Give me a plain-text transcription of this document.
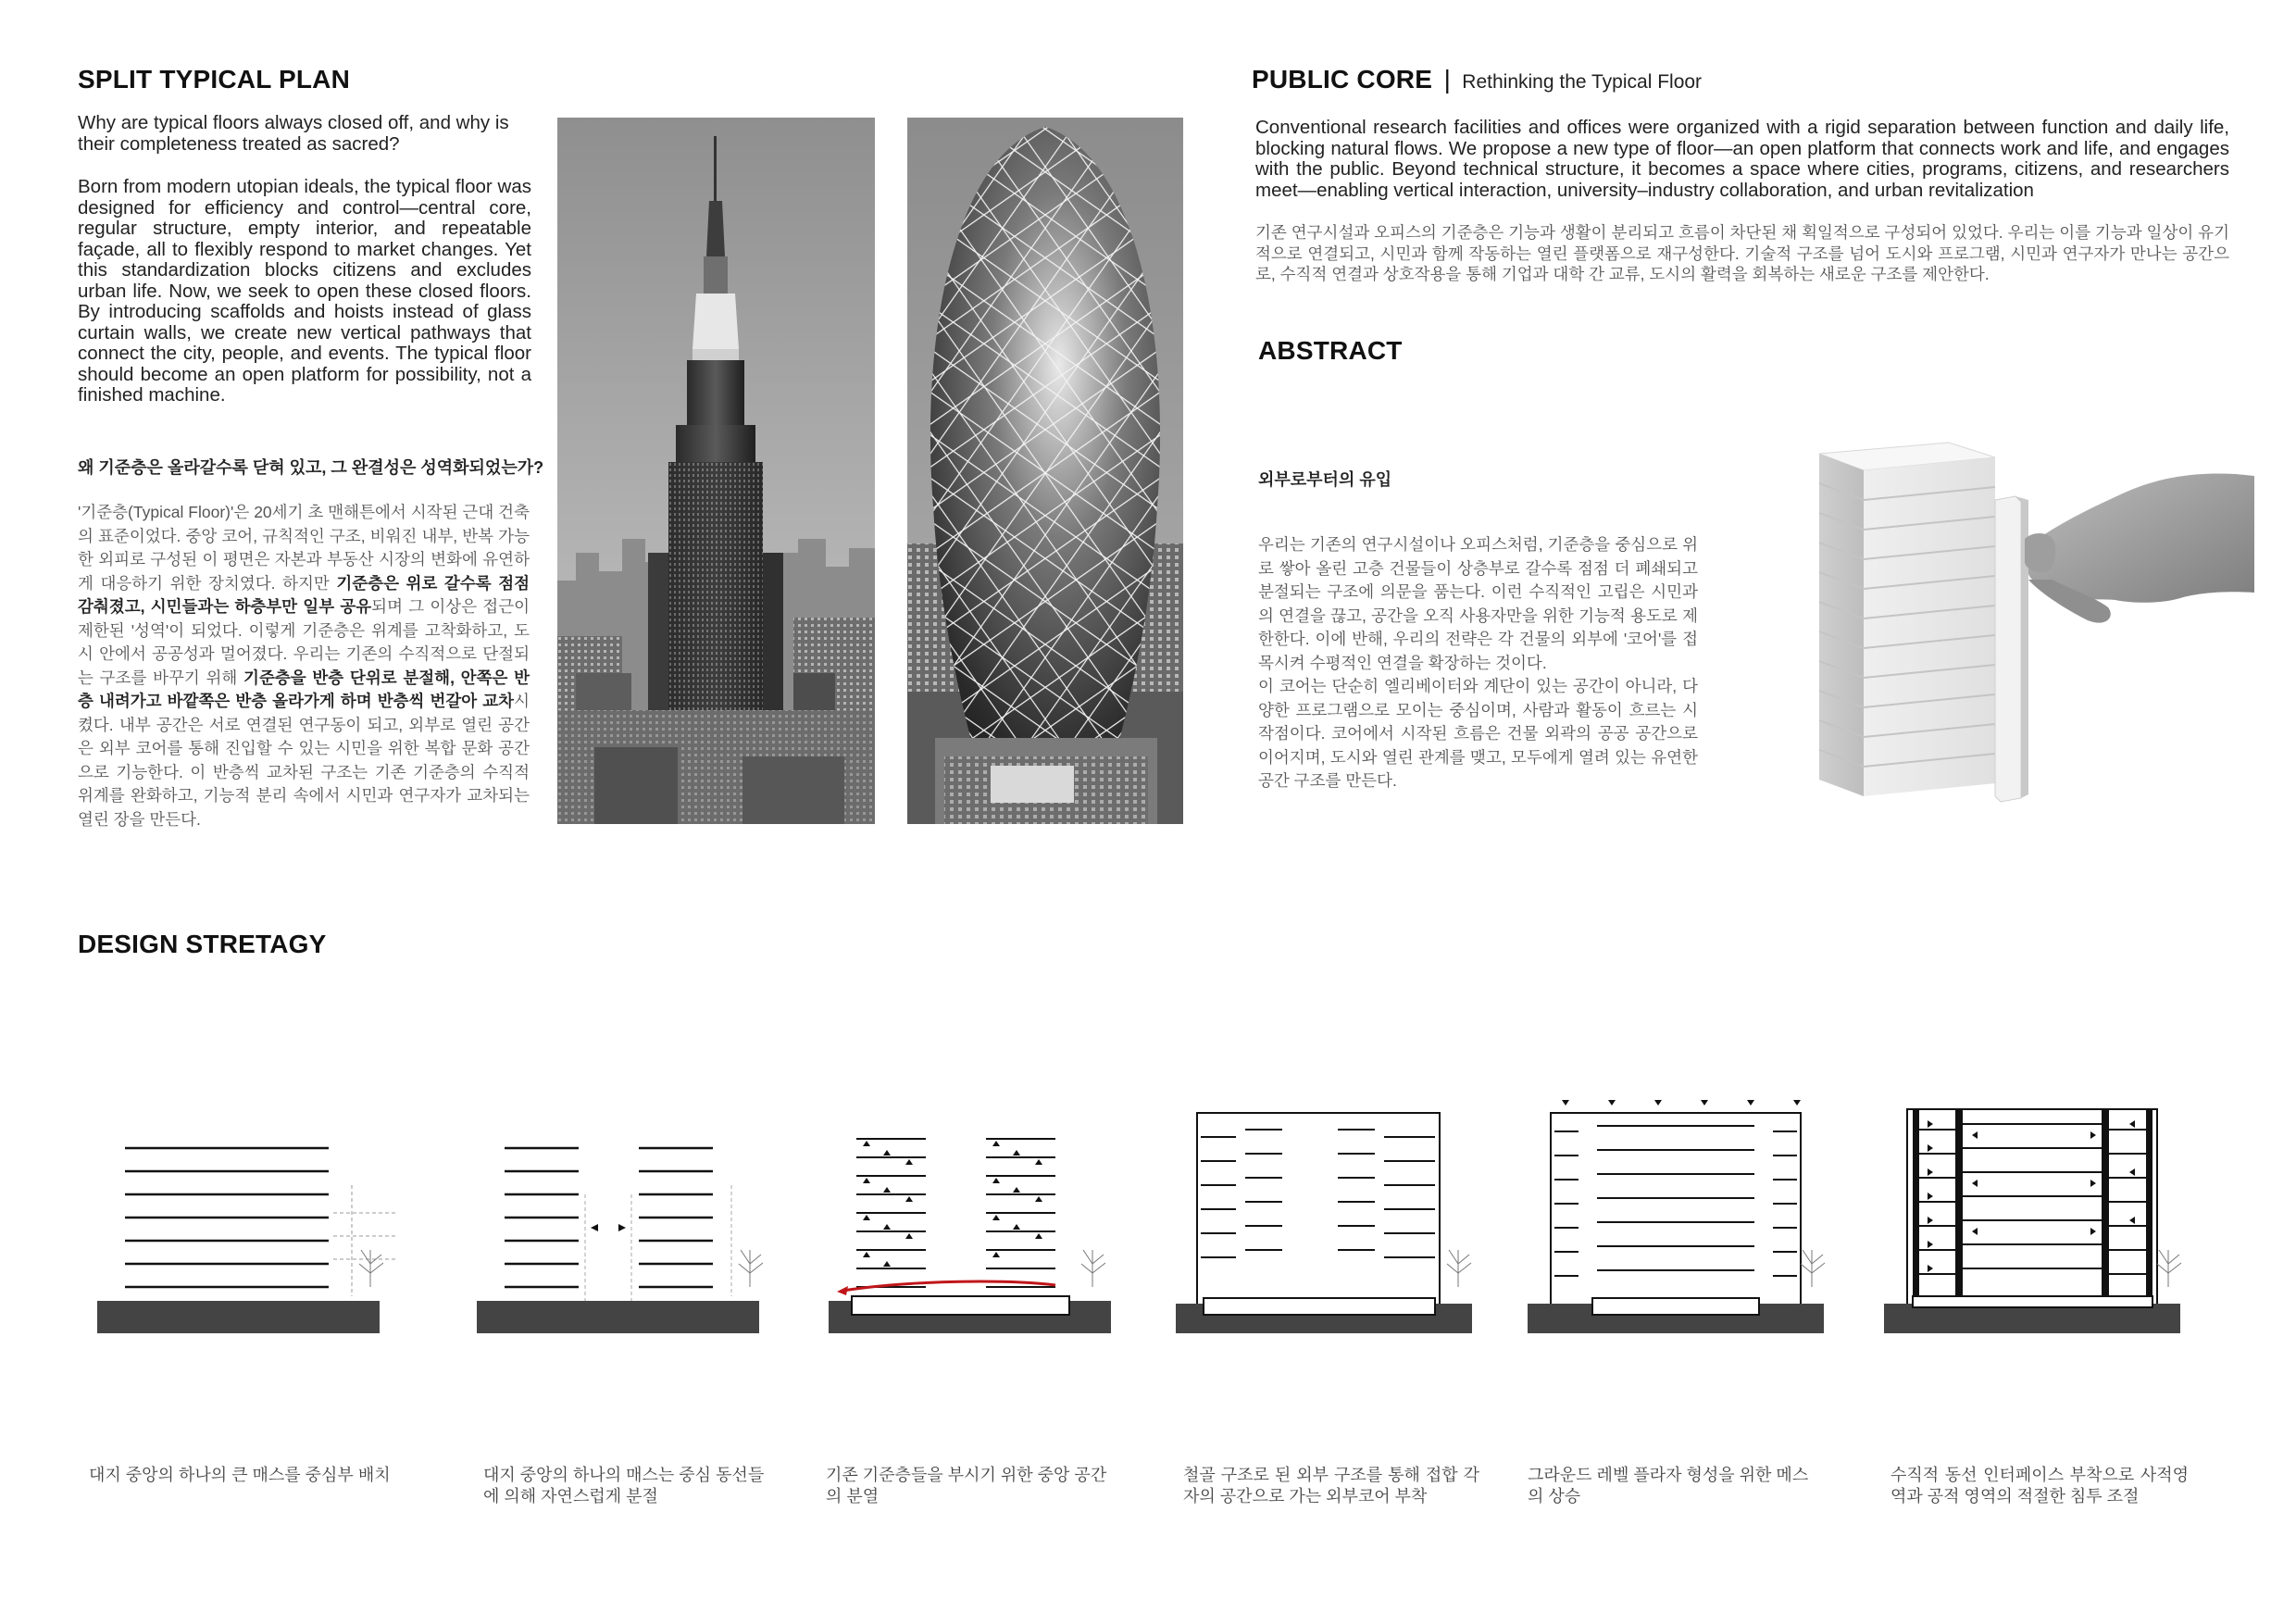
SPLIT TYPICAL PLAN

Why are typical floors always closed off, and why is their completeness treated as sacred?

Born from modern utopian ideals, the typical floor was designed for efficiency and control—central core, regular structure, empty interior, and repeatable façade, all to flexibly respond to market changes. Yet this standardization blocks citizens and excludes urban life. Now, we seek to open these closed floors. By introducing scaffolds and hoists instead of glass curtain walls, we create new vertical pathways that connect the city, people, and events. The typical floor should become an open platform for possibility, not a finished machine.

왜 기준층은 올라갈수록 닫혀 있고, 그 완결성은 성역화되었는가?

'기준층(Typical Floor)'은 20세기 초 맨해튼에서 시작된 근대 건축의 표준이었다. 중앙 코어, 규칙적인 구조, 비워진 내부, 반복 가능한 외피로 구성된 이 평면은 자본과 부동산 시장의 변화에 유연하게 대응하기 위한 장치였다. 하지만 기준층은 위로 갈수록 점점 감춰졌고, 시민들과는 하층부만 일부 공유되며 그 이상은 접근이 제한된 '성역'이 되었다. 이렇게 기준층은 위계를 고착화하고, 도시 안에서 공공성과 멀어졌다. 우리는 기존의 수직적으로 단절되는 구조를 바꾸기 위해 기준층을 반층 단위로 분절해, 안쪽은 반층 내려가고 바깥쪽은 반층 올라가게 하며 반층씩 번갈아 교차시켰다. 내부 공간은 서로 연결된 연구동이 되고, 외부로 열린 공간은 외부 코어를 통해 진입할 수 있는 시민을 위한 복합 문화 공간으로 기능한다. 이 반층씩 교차된 구조는 기존 기준층의 수직적 위계를 완화하고, 기능적 분리 속에서 시민과 연구자가 교차되는 열린 장을 만든다.

PUBLIC CORE | Rethinking the Typical Floor

Conventional research facilities and offices were organized with a rigid separation between function and daily life, blocking natural flows. We propose a new type of floor—an open platform that connects work and life, and engages with the public. Beyond technical structure, it becomes a space where cities, programs, citizens, and researchers meet—enabling vertical interaction, university–industry collaboration, and urban revitalization

기존 연구시설과 오피스의 기준층은 기능과 생활이 분리되고 흐름이 차단된 채 획일적으로 구성되어 있었다. 우리는 이를 기능과 일상이 유기적으로 연결되고, 시민과 함께 작동하는 열린 플랫폼으로 재구성한다. 기술적 구조를 넘어 도시와 프로그램, 시민과 연구자가 만나는 공간으로, 수직적 연결과 상호작용을 통해 기업과 대학 간 교류, 도시의 활력을 회복하는 새로운 구조를 제안한다.

ABSTRACT

외부로부터의 유입

우리는 기존의 연구시설이나 오피스처럼, 기준층을 중심으로 위로 쌓아 올린 고층 건물들이 상층부로 갈수록 점점 더 폐쇄되고 분절되는 구조에 의문을 품는다. 이런 수직적인 고립은 시민과의 연결을 끊고, 공간을 오직 사용자만을 위한 기능적 용도로 제한한다. 이에 반해, 우리의 전략은 각 건물의 외부에 '코어'를 접목시켜 수평적인 연결을 확장하는 것이다.

이 코어는 단순히 엘리베이터와 계단이 있는 공간이 아니라, 다양한 프로그램으로 모이는 중심이며, 사람과 활동이 흐르는 시작점이다. 코어에서 시작된 흐름은 건물 외곽의 공공 공간으로 이어지며, 도시와 열린 관계를 맺고, 모두에게 열려 있는 유연한 공간 구조를 만든다.

DESIGN STRETAGY

대지 중앙의 하나의 큰 매스를 중심부 배치	대지 중앙의 하나의 매스는 중심 동선들에 의해 자연스럽게 분절

기존 기준층들을 부시기 위한 중앙 공간의 분열

철골 구조로 된 외부 구조를 통해 접합 각자의 공간으로 가는 외부코어 부착

그라운드 레벨 플라자 형성을 위한 메스의 상승

수직적 동선 인터페이스 부착으로 사적영역과 공적 영역의 적절한 침투 조절
